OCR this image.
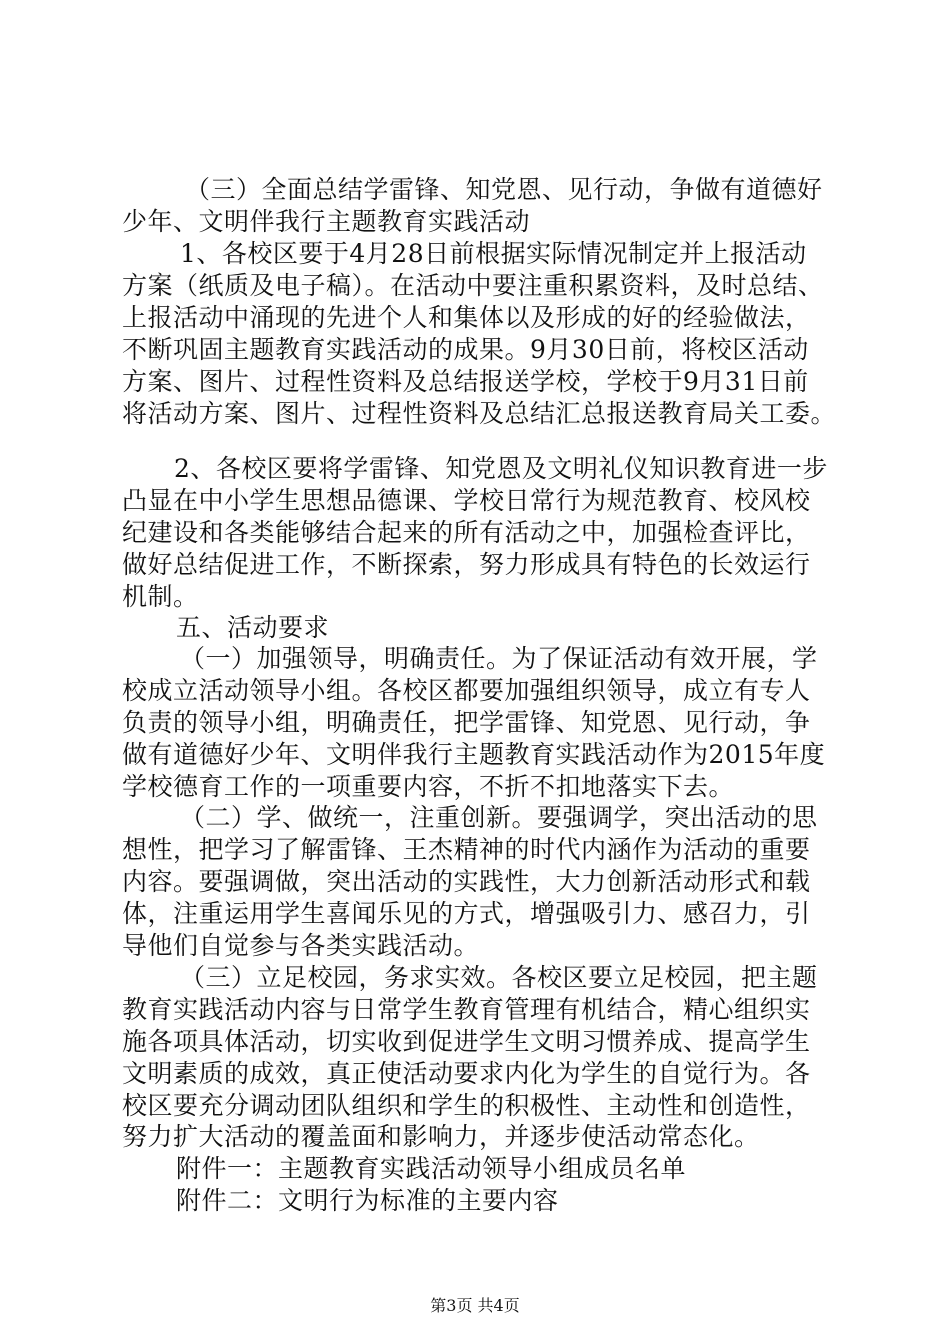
（三）全面总结学雷锋、知党恩、见行动，争做有道德好
少年、文明伴我行主题教育实践活动
1、各校区要于4月28日前根据实际情况制定并上报活动
方案（纸质及电子稿）。在活动中要注重积累资料，及时总结、
上报活动中涌现的先进个人和集体以及形成的好的经验做法，
不断巩固主题教育实践活动的成果。9月30日前，将校区活动
方案、图片、过程性资料及总结报送学校，学校于9月31日前
将活动方案、图片、过程性资料及总结汇总报送教育局关工委。
2、各校区要将学雷锋、知党恩及文明礼仪知识教育进一步
凸显在中小学生思想品德课、学校日常行为规范教育、校风校
纪建设和各类能够结合起来的所有活动之中，加强检查评比，
做好总结促进工作，不断探索，努力形成具有特色的长效运行
机制。
五、活动要求
（一）加强领导，明确责任。为了保证活动有效开展，学
校成立活动领导小组。各校区都要加强组织领导，成立有专人
负责的领导小组，明确责任，把学雷锋、知党恩、见行动，争
做有道德好少年、文明伴我行主题教育实践活动作为2015年度
学校德育工作的一项重要内容，不折不扣地落实下去。
（二）学、做统一，注重创新。要强调学，突出活动的思
想性，把学习了解雷锋、王杰精神的时代内涵作为活动的重要
内容。要强调做，突出活动的实践性，大力创新活动形式和载
体，注重运用学生喜闻乐见的方式，增强吸引力、感召力，引
导他们自觉参与各类实践活动。
（三）立足校园，务求实效。各校区要立足校园，把主题
教育实践活动内容与日常学生教育管理有机结合，精心组织实
施各项具体活动，切实收到促进学生文明习惯养成、提高学生
文明素质的成效，真正使活动要求内化为学生的自觉行为。各
校区要充分调动团队组织和学生的积极性、主动性和创造性，
努力扩大活动的覆盖面和影响力，并逐步使活动常态化。
附件一：主题教育实践活动领导小组成员名单
附件二：文明行为标准的主要内容
第3页 共4页
